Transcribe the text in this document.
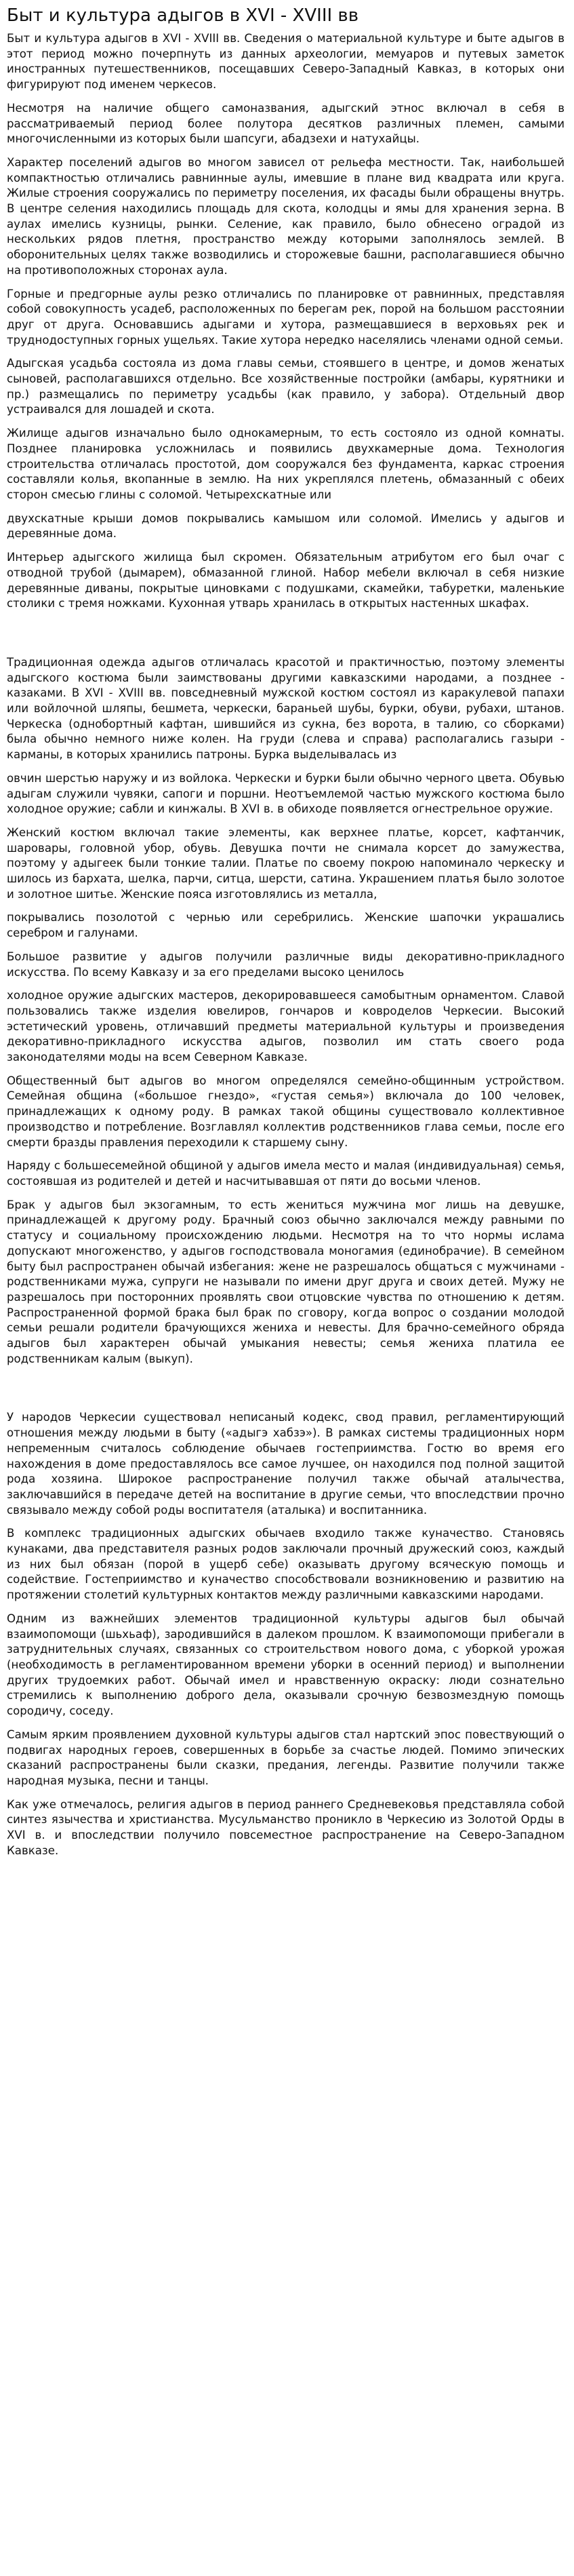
Быт и культура адыгов в XVI - XVIII вв

Быт и культура адыгов в XVI - XVIII вв. Сведения о материальной культуре и быте адыгов в этот период можно почерпнуть из данных археологии, мемуаров и путевых заметок иностранных путешественников, посещавших Северо-Западный Кавказ, в которых они фигурируют под именем черкесов.

Несмотря на наличие общего самоназвания, адыгский этнос включал в себя в рассматриваемый период более полутора десятков различных племен, самыми многочисленными из которых были шапсуги, абадзехи и натухайцы.

Характер поселений адыгов во многом зависел от рельефа местности. Так, наибольшей компактностью отличались равнинные аулы, имевшие в плане вид квадрата или круга. Жилые строения сооружались по периметру поселения, их фасады были обращены внутрь. В центре селения находились площадь для скота, колодцы и ямы для хранения зерна. В аулах имелись кузницы, рынки. Селение, как правило, было обнесено оградой из нескольких рядов плетня, пространство между которыми заполнялось землей. В оборонительных целях также возводились и сторожевые башни, располагавшиеся обычно на противоположных сторонах аула.

Горные и предгорные аулы резко отличались по планировке от равнинных, представляя собой совокупность усадеб, расположенных по берегам рек, порой на большом расстоянии друг от друга. Основавшись адыгами и хутора, размещавшиеся в верховьях рек и труднодоступных горных ущельях. Такие хутора нередко населялись членами одной семьи.

Адыгская усадьба состояла из дома главы семьи, стоявшего в центре, и домов женатых сыновей, располагавшихся отдельно. Все хозяйственные постройки (амбары, курятники и пр.) размещались по периметру усадьбы (как правило, у забора). Отдельный двор устраивался для лошадей и скота.

Жилище адыгов изначально было однокамерным, то есть состояло из одной комнаты. Позднее планировка усложнилась и появились двухкамерные дома. Технология строительства отличалась простотой, дом сооружался без фундамента, каркас строения составляли колья, вкопанные в землю. На них укреплялся плетень, обмазанный с обеих сторон смесью глины с соломой. Четырехскатные или

двухскатные крыши домов покрывались камышом или соломой. Имелись у адыгов и деревянные дома.

Интерьер адыгского жилища был скромен. Обязательным атрибутом его был очаг с отводной трубой (дымарем), обмазанной глиной. Набор мебели включал в себя низкие деревянные диваны, покрытые циновками с подушками, скамейки, табуретки, маленькие столики с тремя ножками. Кухонная утварь хранилась в открытых настенных шкафах.

Традиционная одежда адыгов отличалась красотой и практичностью, поэтому элементы адыгского костюма были заимствованы другими кавказскими народами, а позднее - казаками. В XVI - XVIII вв. повседневный мужской костюм состоял из каракулевой папахи или войлочной шляпы, бешмета, черкески, бараньей шубы, бурки, обуви, рубахи, штанов. Черкеска (однобортный кафтан, шившийся из сукна, без ворота, в талию, со сборками) была обычно немного ниже колен. На груди (слева и справа) располагались газыри - карманы, в которых хранились патроны. Бурка выделывалась из

овчин шерстью наружу и из войлока. Черкески и бурки были обычно черного цвета. Обувью адыгам служили чувяки, сапоги и поршни. Неотъемлемой частью мужского костюма было холодное оружие; сабли и кинжалы. В XVI в. в обиходе появляется огнестрельное оружие.

Женский костюм включал такие элементы, как верхнее платье, корсет, кафтанчик, шаровары, головной убор, обувь. Девушка почти не снимала корсет до замужества, поэтому у адыгеек были тонкие талии. Платье по своему покрою напоминало черкеску и шилось из бархата, шелка, парчи, ситца, шерсти, сатина. Украшением платья было золотое и золотное шитье. Женские пояса изготовлялись из металла,

покрывались позолотой с чернью или серебрились. Женские шапочки украшались серебром и галунами.

Большое развитие у адыгов получили различные виды декоративно-прикладного искусства. По всему Кавказу и за его пределами высоко ценилось

холодное оружие адыгских мастеров, декорировавшееся самобытным орнаментом. Славой пользовались также изделия ювелиров, гончаров и ковроделов Черкесии. Высокий эстетический уровень, отличавший предметы материальной культуры и произведения декоративно-прикладного искусства адыгов, позволил им стать своего рода законодателями моды на всем Северном Кавказе.

Общественный быт адыгов во многом определялся семейно-общинным устройством. Семейная община («большое гнездо», «густая семья») включала до 100 человек, принадлежащих к одному роду. В рамках такой общины существовало коллективное производство и потребление. Возглавлял коллектив родственников глава семьи, после его смерти бразды правления переходили к старшему сыну.

Наряду с большесемейной общиной у адыгов имела место и малая (индивидуальная) семья, состоявшая из родителей и детей и насчитывавшая от пяти до восьми членов.

Брак у адыгов был экзогамным, то есть жениться мужчина мог лишь на девушке, принадлежащей к другому роду. Брачный союз обычно заключался между равными по статусу и социальному происхождению людьми. Несмотря на то что нормы ислама допускают многоженство, у адыгов господствовала моногамия (единобрачие). В семейном быту был распространен обычай избегания: жене не разрешалось общаться с мужчинами - родственниками мужа, супруги не называли по имени друг друга и своих детей. Мужу не разрешалось при посторонних проявлять свои отцовские чувства по отношению к детям. Распространенной формой брака был брак по сговору, когда вопрос о создании молодой семьи решали родители брачующихся жениха и невесты. Для брачно-семейного обряда адыгов был характерен обычай умыкания невесты; семья жениха платила ее родственникам калым (выкуп).

У народов Черкесии существовал неписаный кодекс, свод правил, регламентирующий отношения между людьми в быту («адыгэ хабзэ»). В рамках системы традиционных норм непременным считалось соблюдение обычаев гостеприимства. Гостю во время его нахождения в доме предоставлялось все самое лучшее, он находился под полной защитой рода хозяина. Широкое распространение получил также обычай аталычества, заключавшийся в передаче детей на воспитание в другие семьи, что впоследствии прочно связывало между собой роды воспитателя (аталыка) и воспитанника.

В комплекс традиционных адыгских обычаев входило также куначество. Становясь кунаками, два представителя разных родов заключали прочный дружеский союз, каждый из них был обязан (порой в ущерб себе) оказывать другому всяческую помощь и содействие. Гостеприимство и куначество способствовали возникновению и развитию на протяжении столетий культурных контактов между различными кавказскими народами.

Одним из важнейших элементов традиционной культуры адыгов был обычай взаимопомощи (шьхьаф), зародившийся в далеком прошлом. К взаимопомощи прибегали в затруднительных случаях, связанных со строительством нового дома, с уборкой урожая (необходимость в регламентированном времени уборки в осенний период) и выполнении других трудоемких работ. Обычай имел и нравственную окраску: люди сознательно стремились к выполнению доброго дела, оказывали срочную безвозмездную помощь сородичу, соседу.

Самым ярким проявлением духовной культуры адыгов стал нартский эпос повествующий о подвигах народных героев, совершенных в борьбе за счастье людей. Помимо эпических сказаний распространены были сказки, предания, легенды. Развитие получили также народная музыка, песни и танцы.

Как уже отмечалось, религия адыгов в период раннего Средневековья представляла собой синтез язычества и христианства. Мусульманство проникло в Черкесию из Золотой Орды в XVI в. и впоследствии получило повсеместное распространение на Северо-Западном Кавказе.
